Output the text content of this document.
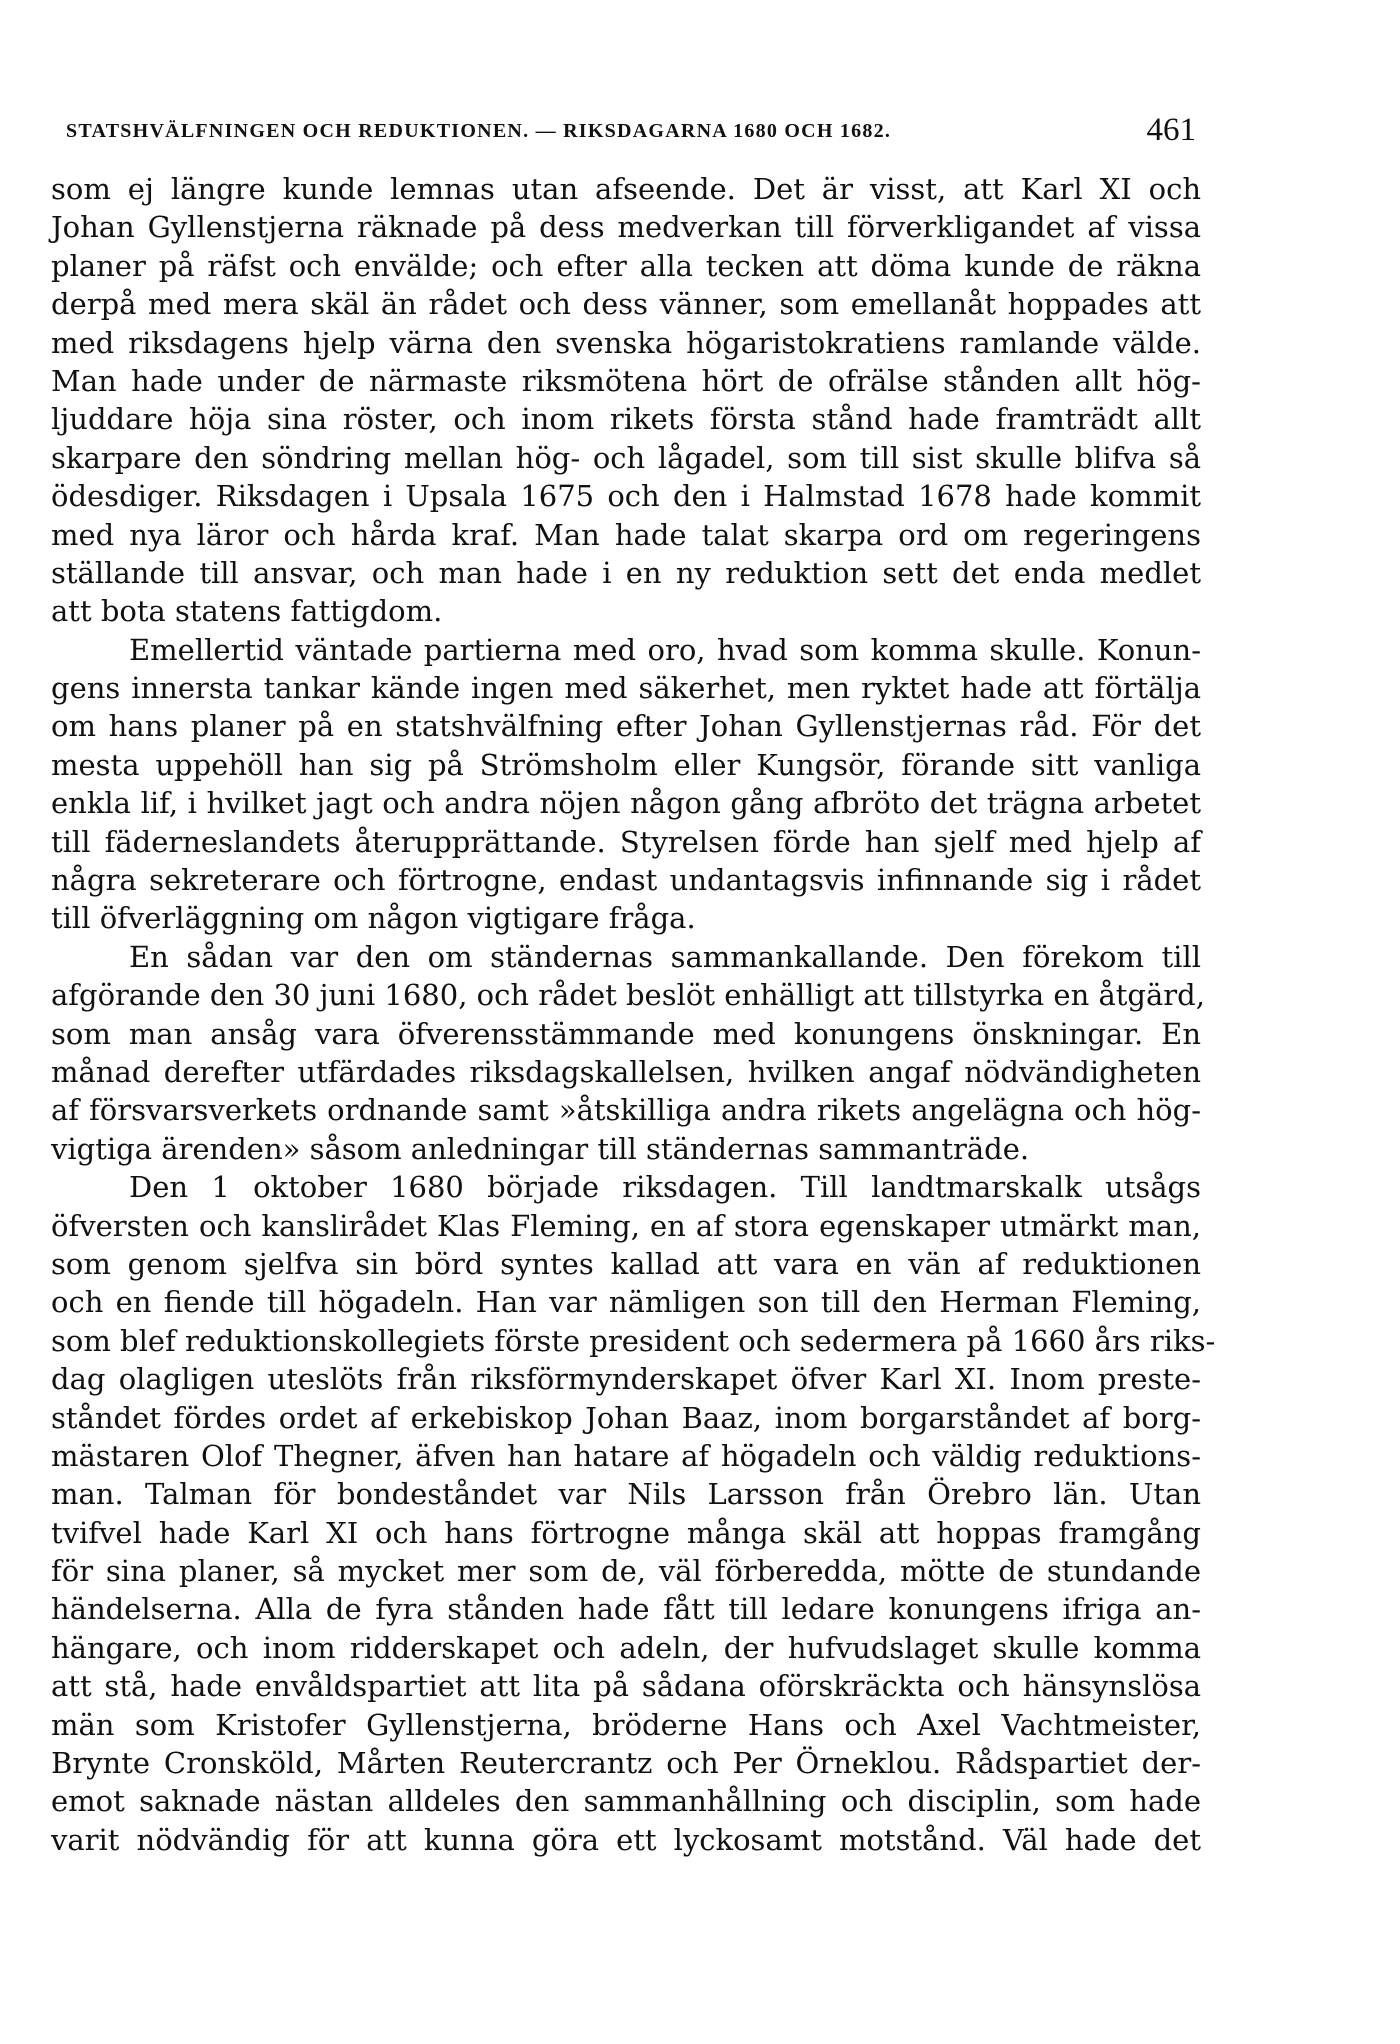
STATSHVÄLFNINGEN OCH REDUKTIONEN. — RIKSDAGARNA 1680 OCH 1682.	461
som ej längre kunde lemnas utan afseende. Det är visst, att Karl XI och
Johan Gyllenstjerna räknade på dess medverkan till förverkligandet af vissa
planer på räfst och envälde; och efter alla tecken att döma kunde de räkna
derpå med mera skäl än rådet och dess vänner, som emellanåt hoppades att
med riksdagens hjelp värna den svenska högaristokratiens ramlande välde.
Man hade under de närmaste riksmötena hört de ofrälse stånden allt hög-
ljuddare höja sina röster, och inom rikets första stånd hade framträdt allt
skarpare den söndring mellan hög- och lågadel, som till sist skulle blifva så
ödesdiger. Riksdagen i Upsala 1675 och den i Halmstad 1678 hade kommit
med nya läror och hårda kraf. Man hade talat skarpa ord om regeringens
ställande till ansvar, och man hade i en ny reduktion sett det enda medlet
att bota statens fattigdom.
Emellertid väntade partierna med oro, hvad som komma skulle. Konun-
gens innersta tankar kände ingen med säkerhet, men ryktet hade att förtälja
om hans planer på en statshvälfning efter Johan Gyllenstjernas råd. För det
mesta uppehöll han sig på Strömsholm eller Kungsör, förande sitt vanliga
enkla lif, i hvilket jagt och andra nöjen någon gång afbröto det trägna arbetet
till fäderneslandets återupprättande. Styrelsen förde han sjelf med hjelp af
några sekreterare och förtrogne, endast undantagsvis infinnande sig i rådet
till öfverläggning om någon vigtigare fråga.
En sådan var den om ständernas sammankallande. Den förekom till
afgörande den 30 juni 1680, och rådet beslöt enhälligt att tillstyrka en åtgärd,
som man ansåg vara öfverensstämmande med konungens önskningar. En
månad derefter utfärdades riksdagskallelsen, hvilken angaf nödvändigheten
af försvarsverkets ordnande samt »åtskilliga andra rikets angelägna och hög-
vigtiga ärenden» såsom anledningar till ständernas sammanträde.
Den 1 oktober 1680 började riksdagen. Till landtmarskalk utsågs
öfversten och kanslirådet Klas Fleming, en af stora egenskaper utmärkt man,
som genom sjelfva sin börd syntes kallad att vara en vän af reduktionen
och en fiende till högadeln. Han var nämligen son till den Herman Fleming,
som blef reduktionskollegiets förste president och sedermera på 1660 års riks-
dag olagligen uteslöts från riksförmynderskapet öfver Karl XI. Inom preste-
ståndet fördes ordet af erkebiskop Johan Baaz, inom borgarståndet af borg-
mästaren Olof Thegner, äfven han hatare af högadeln och väldig reduktions-
man. Talman för bondeståndet var Nils Larsson från Örebro län. Utan
tvifvel hade Karl XI och hans förtrogne många skäl att hoppas framgång
för sina planer, så mycket mer som de, väl förberedda, mötte de stundande
händelserna. Alla de fyra stånden hade fått till ledare konungens ifriga an-
hängare, och inom ridderskapet och adeln, der hufvudslaget skulle komma
att stå, hade envåldspartiet att lita på sådana oförskräckta och hänsynslösa
män som Kristofer Gyllenstjerna, bröderne Hans och Axel Vachtmeister,
Brynte Cronsköld, Mårten Reutercrantz och Per Örneklou. Rådspartiet der-
emot saknade nästan alldeles den sammanhållning och disciplin, som hade
varit nödvändig för att kunna göra ett lyckosamt motstånd. Väl hade det
